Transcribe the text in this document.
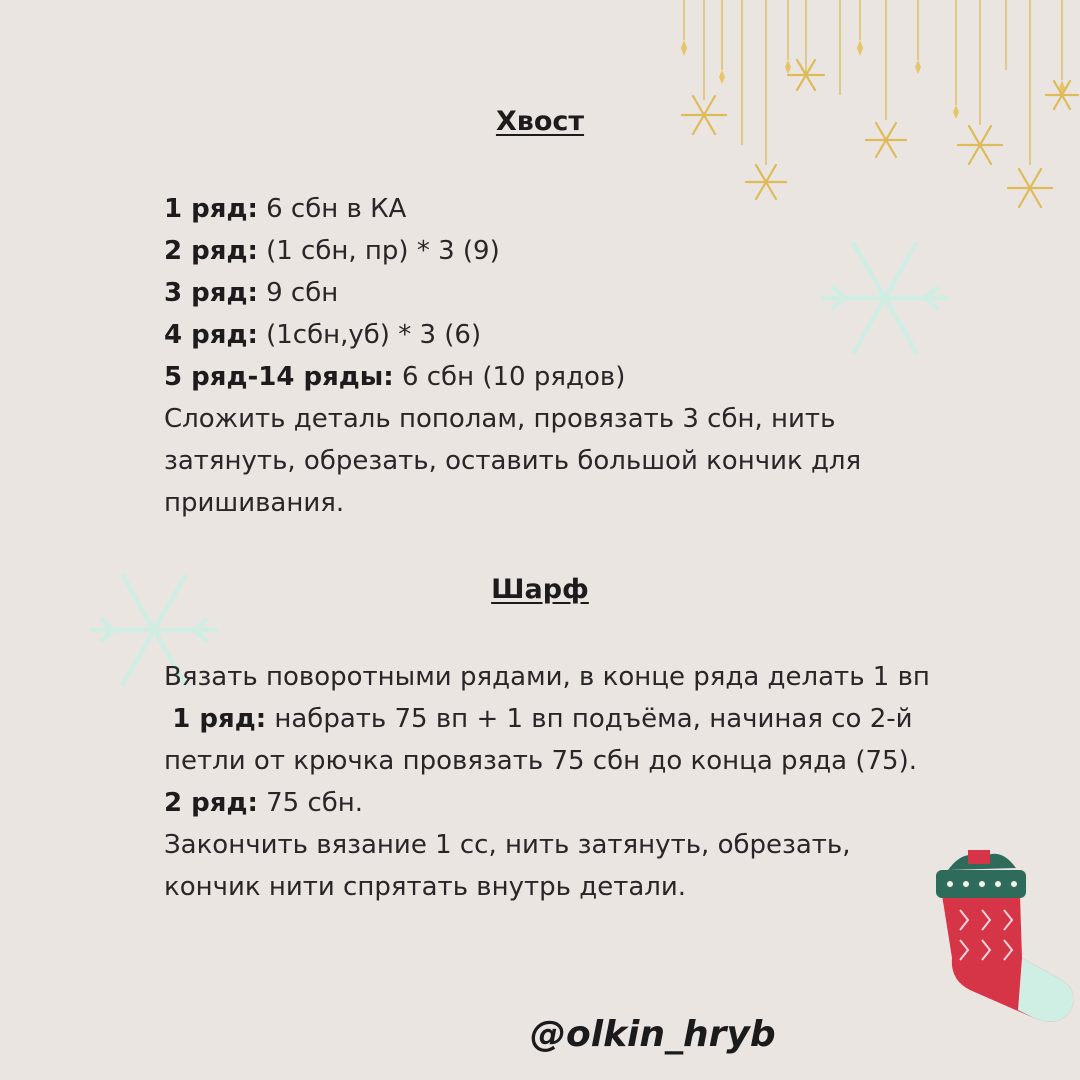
Хвост
1 ряд: 6 сбн в КА
2 ряд: (1 сбн, пр) * 3 (9)
3 ряд: 9 сбн
4 ряд: (1сбн,уб) * 3 (6)
5 ряд-14 ряды: 6 сбн (10 рядов)
Сложить деталь пополам, провязать 3 сбн, нить
затянуть, обрезать, оставить большой кончик для
пришивания.
Шарф
Вязать поворотными рядами, в конце ряда делать 1 вп
1 ряд: набрать 75 вп + 1 вп подъёма, начиная со 2-й
петли от крючка провязать 75 сбн до конца ряда (75).
2 ряд: 75 сбн.
Закончить вязание 1 сс, нить затянуть, обрезать,
кончик нити спрятать внутрь детали.
@olkin_hryb
